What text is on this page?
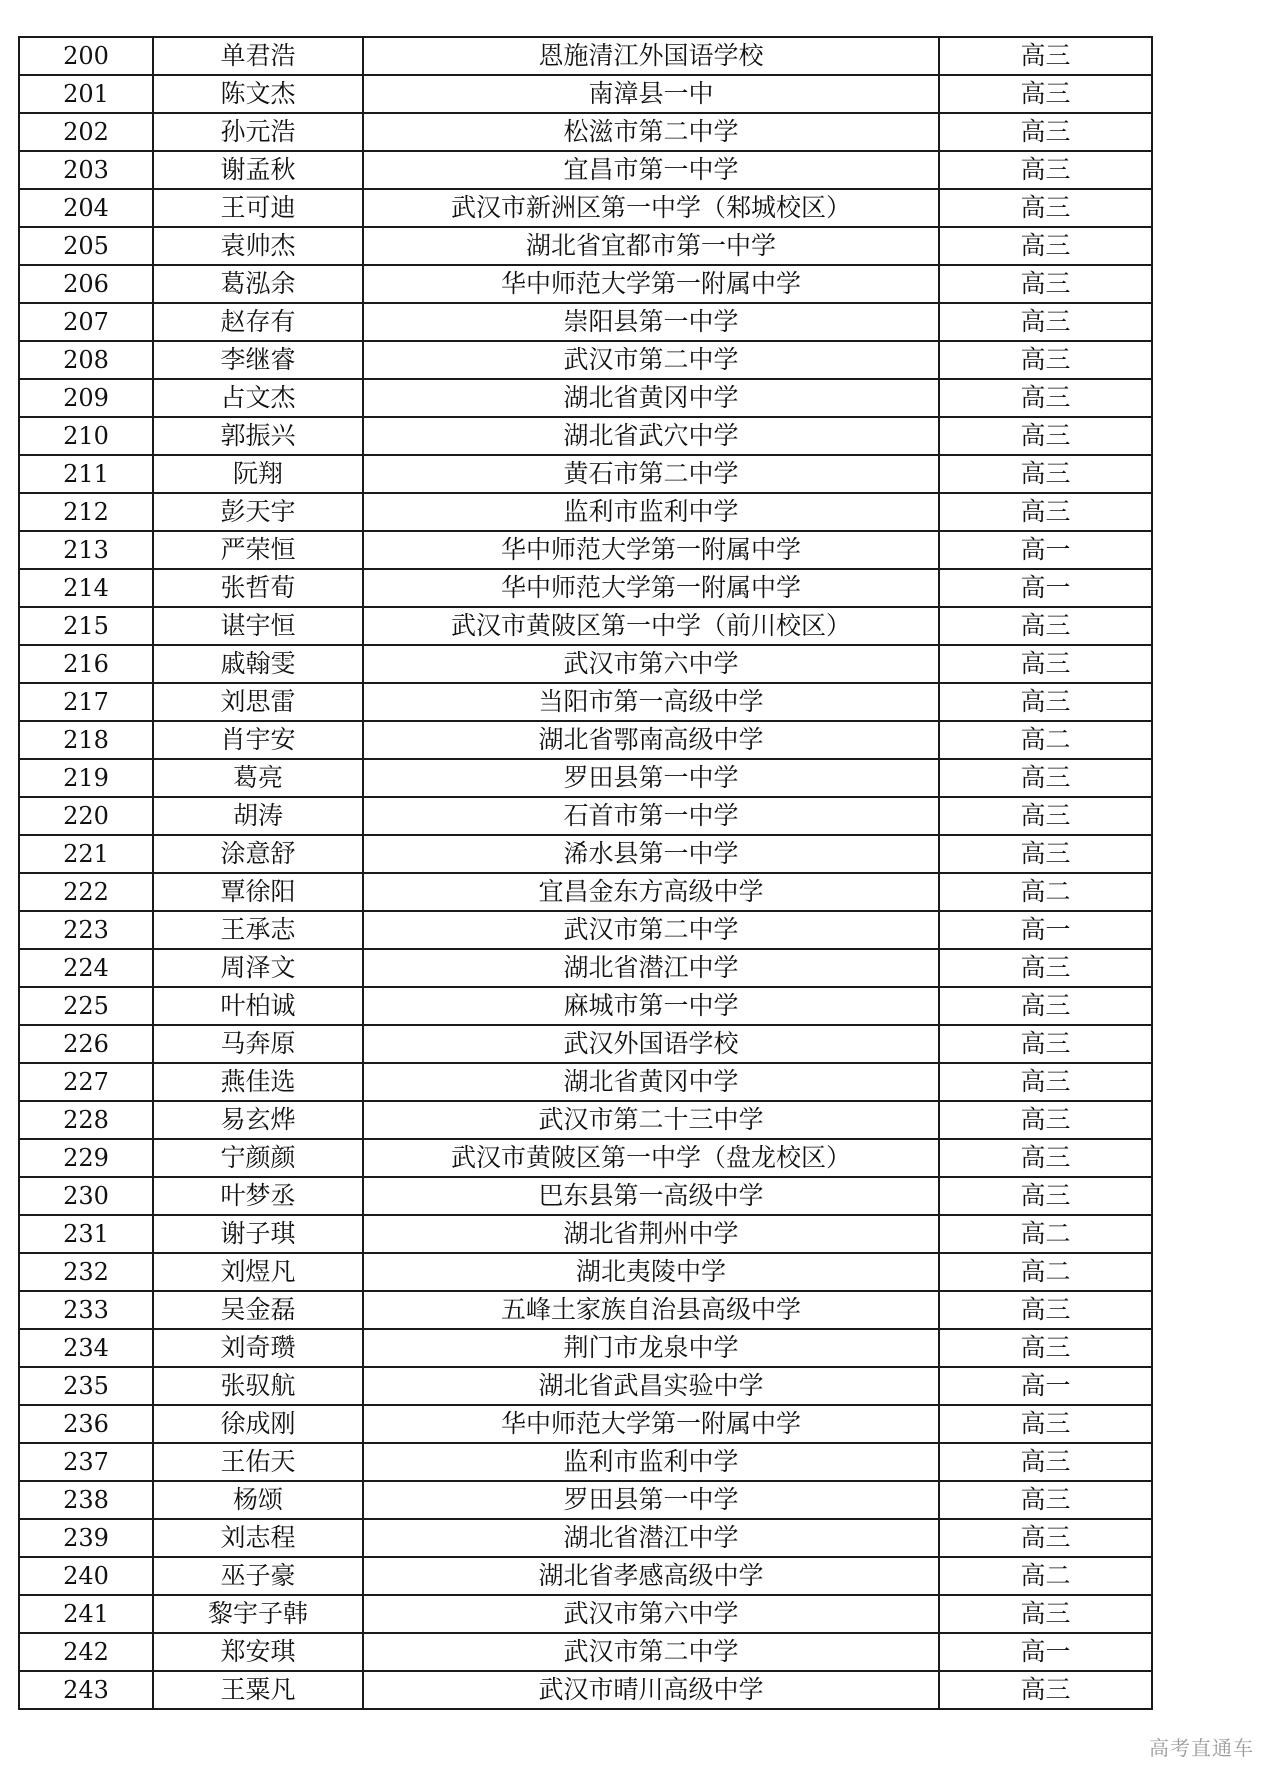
200	单君浩	恩施清江外国语学校	高三
201	陈文杰	南漳县一中	高三
202	孙元浩	松滋市第二中学	高三
203	谢孟秋	宜昌市第一中学	高三
204	王可迪	武汉市新洲区第一中学（邾城校区）	高三
205	袁帅杰	湖北省宜都市第一中学	高三
206	葛泓余	华中师范大学第一附属中学	高三
207	赵存有	崇阳县第一中学	高三
208	李继睿	武汉市第二中学	高三
209	占文杰	湖北省黄冈中学	高三
210	郭振兴	湖北省武穴中学	高三
211	阮翔	黄石市第二中学	高三
212	彭天宇	监利市监利中学	高三
213	严荣恒	华中师范大学第一附属中学	高一
214	张哲荀	华中师范大学第一附属中学	高一
215	谌宇恒	武汉市黄陂区第一中学（前川校区）	高三
216	戚翰雯	武汉市第六中学	高三
217	刘思雷	当阳市第一高级中学	高三
218	肖宇安	湖北省鄂南高级中学	高二
219	葛亮	罗田县第一中学	高三
220	胡涛	石首市第一中学	高三
221	涂意舒	浠水县第一中学	高三
222	覃徐阳	宜昌金东方高级中学	高二
223	王承志	武汉市第二中学	高一
224	周泽文	湖北省潜江中学	高三
225	叶柏诚	麻城市第一中学	高三
226	马奔原	武汉外国语学校	高三
227	燕佳选	湖北省黄冈中学	高三
228	易玄烨	武汉市第二十三中学	高三
229	宁颜颜	武汉市黄陂区第一中学（盘龙校区）	高三
230	叶梦丞	巴东县第一高级中学	高三
231	谢子琪	湖北省荆州中学	高二
232	刘煜凡	湖北夷陵中学	高二
233	吴金磊	五峰土家族自治县高级中学	高三
234	刘奇瓒	荆门市龙泉中学	高三
235	张驭航	湖北省武昌实验中学	高一
236	徐成刚	华中师范大学第一附属中学	高三
237	王佑天	监利市监利中学	高三
238	杨颂	罗田县第一中学	高三
239	刘志程	湖北省潜江中学	高三
240	巫子豪	湖北省孝感高级中学	高二
241	黎宇子韩	武汉市第六中学	高三
242	郑安琪	武汉市第二中学	高一
243	王粟凡	武汉市晴川高级中学	高三
高考直通车
